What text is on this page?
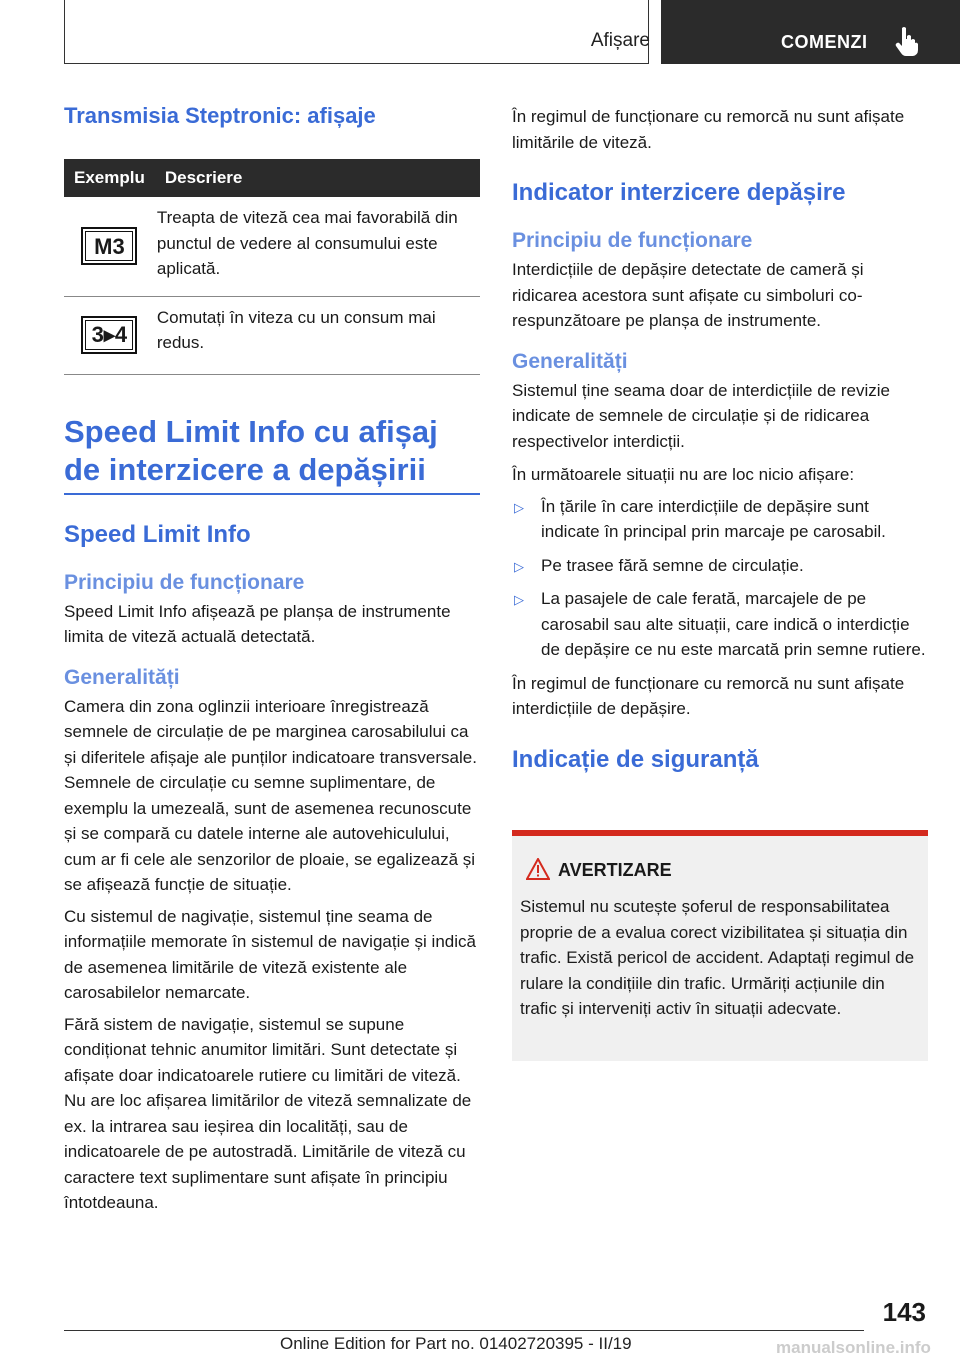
Afișare	COMENZI
Transmisia Steptronic: afișaje
Exemplu	Descriere

M3	Treapta de viteză cea mai favorabilă din punctul de vedere al consumului este aplicată.

3▸4	Comutați în viteza cu un consum mai redus.
Speed Limit Info cu afișaj de interzicere a depășirii
Speed Limit Info
Principiu de funcționare

Speed Limit Info afișează pe planșa de instrumente limita de viteză actuală detectată.

Generalități

Camera din zona oglinzii interioare înregistrează semnele de circulație de pe marginea carosabilului ca și diferitele afișaje ale punților indicatoare transversale. Semnele de circulație cu semne suplimentare, de exemplu la umezeală, sunt de asemenea recunoscute și se compară cu datele interne ale autovehiculului, cum ar fi cele ale senzorilor de ploaie, se egalizează și se afișează funcție de situație.

Cu sistemul de nagivație, sistemul ține seama de informațiile memorate în sistemul de navigație și indică de asemenea limitările de viteză existente ale carosabilelor nemarcate.

Fără sistem de navigație, sistemul se supune condiționat tehnic anumitor limitări. Sunt detectate și afișate doar indicatoarele rutiere cu limitări de viteză. Nu are loc afișarea limitărilor de viteză semnalizate de ex. la intrarea sau ieșirea din localități, sau de indicatoarele de pe autostradă. Limitările de viteză cu caractere text suplimentare sunt afișate în principiu întotdeauna.

În regimul de funcționare cu remorcă nu sunt afișate limitările de viteză.

Indicator interzicere depășire
Principiu de funcționare

Interdicțiile de depășire detectate de cameră și ridicarea acestora sunt afișate cu simboluri corespunzătoare pe planșa de instrumente.

Generalități

Sistemul ține seama doar de interdicțiile de revizie indicate de semnele de circulație și de ridicarea respectivelor interdicții.

În următoarele situații nu are loc nicio afișare:

▷ În țările în care interdicțiile de depășire sunt indicate în principal prin marcaje pe carosabil.
▷ Pe trasee fără semne de circulație.
▷ La pasajele de cale ferată, marcajele de pe carosabil sau alte situații, care indică o interdicție de depășire ce nu este marcată prin semne rutiere.

În regimul de funcționare cu remorcă nu sunt afișate interdicțiile de depășire.

Indicație de siguranță
AVERTIZARE

Sistemul nu scutește șoferul de responsabilitatea proprie de a evalua corect vizibilitatea și situația din trafic. Există pericol de accident. Adaptați regimul de rulare la condițiile din trafic. Urmăriți acțiunile din trafic și interveniți activ în situații adecvate.

143
Online Edition for Part no. 01402720395 - II/19	manualsonline.info
